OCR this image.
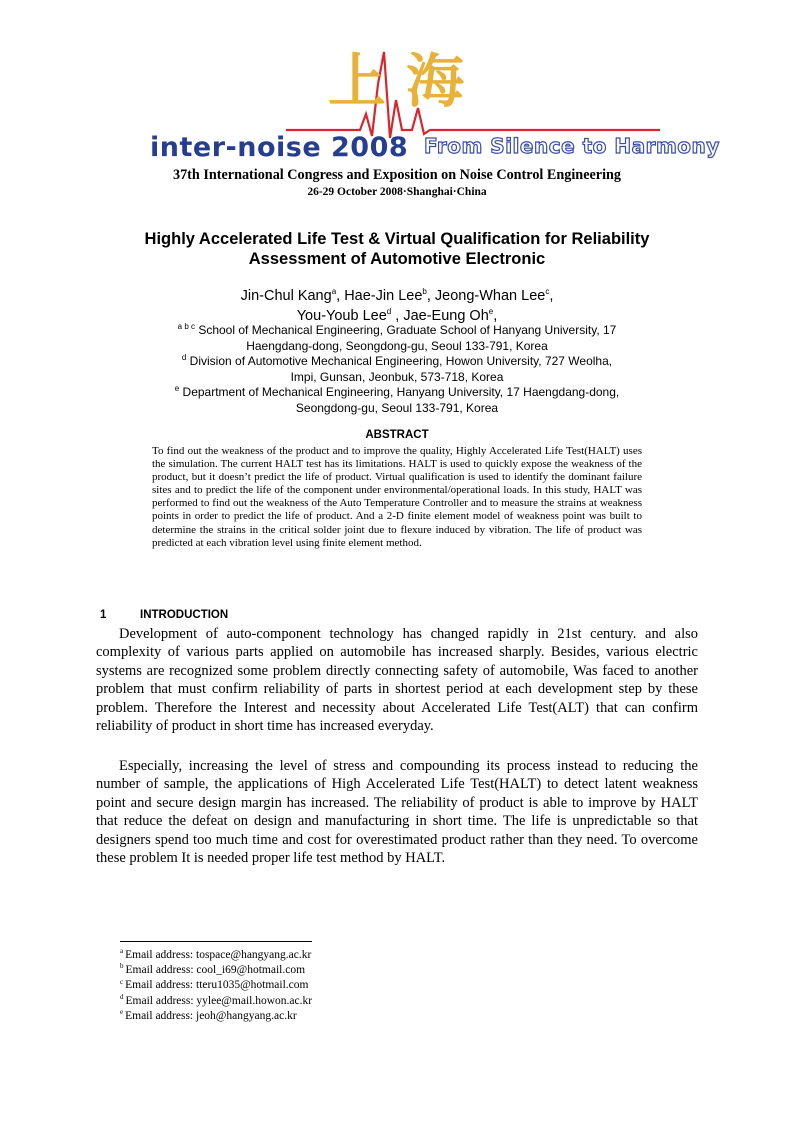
上海
inter-noise 2008 From Silence to Harmony
37th International Congress and Exposition on Noise Control Engineering
26-29 October 2008·Shanghai·China
Highly Accelerated Life Test & Virtual Qualification for Reliability
Assessment of Automotive Electronic
Jin-Chul Kang$^a$, Hae-Jin Lee$^b$, Jeong-Whan Lee$^c$,
You-Youb Lee$^d$ , Jae-Eung Oh$^e$,
$^{a b c}$ School of Mechanical Engineering, Graduate School of Hanyang University, 17
Haengdang-dong, Seongdong-gu, Seoul 133-791, Korea
$^d$ Division of Automotive Mechanical Engineering, Howon University, 727 Weolha,
Impi, Gunsan, Jeonbuk, 573-718, Korea
$^e$ Department of Mechanical Engineering, Hanyang University, 17 Haengdang-dong,
Seongdong-gu, Seoul 133-791, Korea
ABSTRACT
To find out the weakness of the product and to improve the quality, Highly Accelerated Life Test(HALT) uses the simulation. The current HALT test has its limitations. HALT is used to quickly expose the weakness of the product, but it doesn’t predict the life of product. Virtual qualification is used to identify the dominant failure sites and to predict the life of the component under environmental/operational loads. In this study, HALT was performed to find out the weakness of the Auto Temperature Controller and to measure the strains at weakness points in order to predict the life of product. And a 2-D finite element model of weakness point was built to determine the strains in the critical solder joint due to flexure induced by vibration. The life of product was predicted at each vibration level using finite element method.
1	INTRODUCTION
Development of auto-component technology has changed rapidly in 21st century. and also complexity of various parts applied on automobile has increased sharply. Besides, various electric systems are recognized some problem directly connecting safety of automobile, Was faced to another problem that must confirm reliability of parts in shortest period at each development step by these problem. Therefore the Interest and necessity about Accelerated Life Test(ALT) that can confirm reliability of product in short time has increased everyday.
Especially, increasing the level of stress and compounding its process instead to reducing the number of sample, the applications of High Accelerated Life Test(HALT) to detect latent weakness point and secure design margin has increased. The reliability of product is able to improve by HALT that reduce the defeat on design and manufacturing in short time. The life is unpredictable so that designers spend too much time and cost for overestimated product rather than they need. To overcome these problem It is needed proper life test method by HALT.
$^a$ Email address: tospace@hangyang.ac.kr
$^b$ Email address: cool_i69@hotmail.com
$^c$ Email address: tteru1035@hotmail.com
$^d$ Email address: yylee@mail.howon.ac.kr
$^e$ Email address: jeoh@hangyang.ac.kr
